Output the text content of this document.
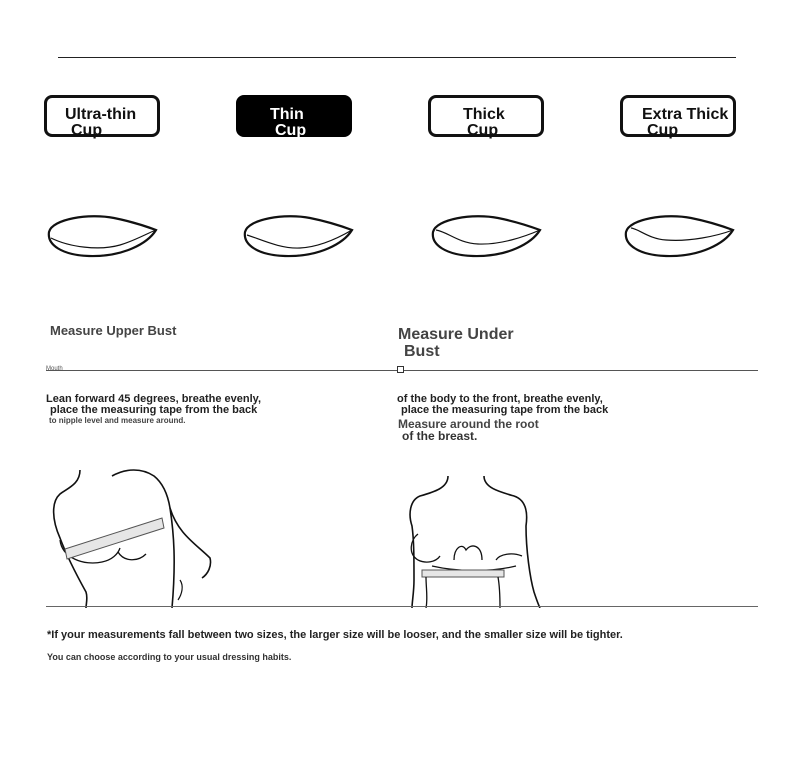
Ultra-thin
Cup
Thin
Cup
Thick
Cup
Extra Thick
Cup
Measure Upper Bust	Measure Under
Bust
Mouth
Lean forward 45 degrees, breathe evenly,
place the measuring tape from the back
to nipple level and measure around.
of the body to the front, breathe evenly,
place the measuring tape from the back
Measure around the root
of the breast.
*If your measurements fall between two sizes, the larger size will be looser, and the smaller size will be tighter.
You can choose according to your usual dressing habits.
